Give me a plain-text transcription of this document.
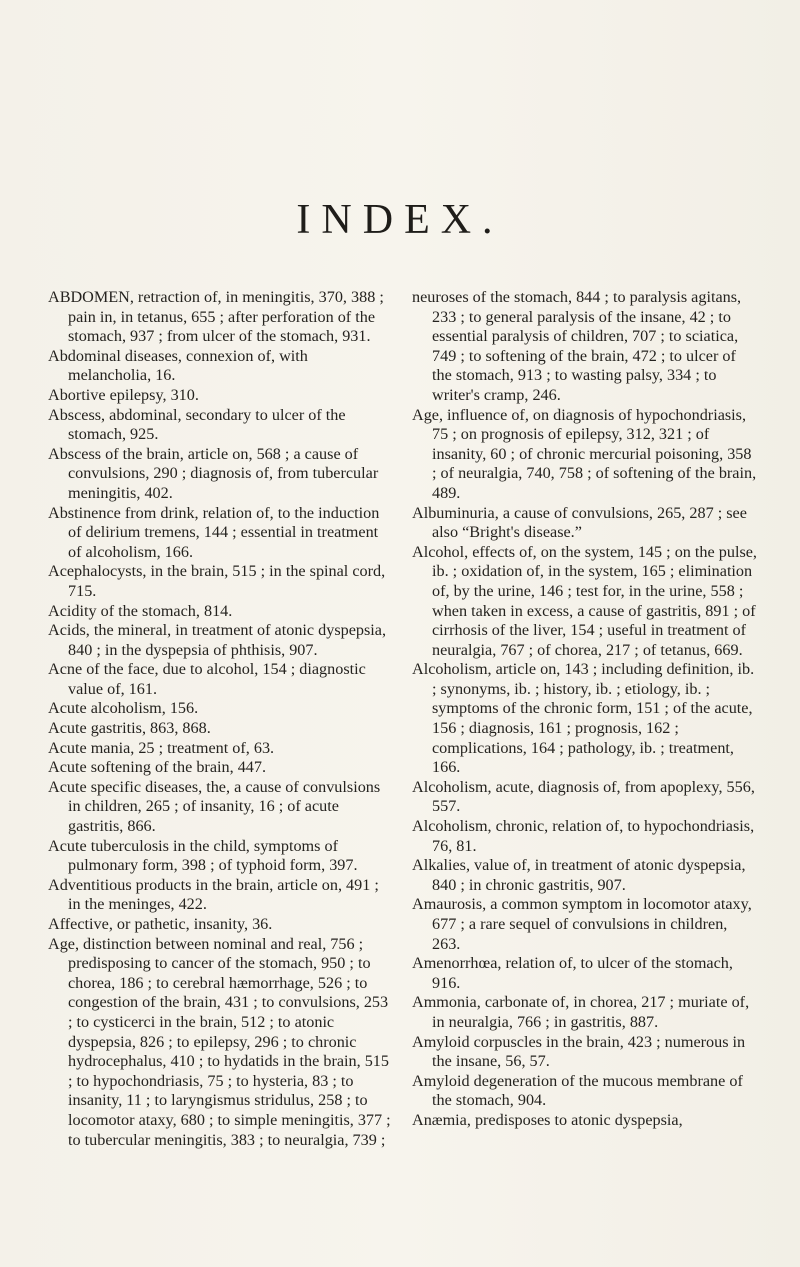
INDEX.

ABDOMEN, retraction of, in meningitis, 370, 388 ; pain in, in tetanus, 655 ; after perforation of the stomach, 937 ; from ulcer of the stomach, 931.

Abdominal diseases, connexion of, with melancholia, 16.

Abortive epilepsy, 310.

Abscess, abdominal, secondary to ulcer of the stomach, 925.

Abscess of the brain, article on, 568 ; a cause of convulsions, 290 ; diagnosis of, from tubercular meningitis, 402.

Abstinence from drink, relation of, to the induction of delirium tremens, 144 ; essential in treatment of alcoholism, 166.

Acephalocysts, in the brain, 515 ; in the spinal cord, 715.

Acidity of the stomach, 814.

Acids, the mineral, in treatment of atonic dyspepsia, 840 ; in the dyspepsia of phthisis, 907.

Acne of the face, due to alcohol, 154 ; diagnostic value of, 161.

Acute alcoholism, 156.

Acute gastritis, 863, 868.

Acute mania, 25 ; treatment of, 63.

Acute softening of the brain, 447.

Acute specific diseases, the, a cause of convulsions in children, 265 ; of insanity, 16 ; of acute gastritis, 866.

Acute tuberculosis in the child, symptoms of pulmonary form, 398 ; of typhoid form, 397.

Adventitious products in the brain, article on, 491 ; in the meninges, 422.

Affective, or pathetic, insanity, 36.

Age, distinction between nominal and real, 756 ; predisposing to cancer of the stomach, 950 ; to chorea, 186 ; to cerebral hæmorrhage, 526 ; to congestion of the brain, 431 ; to convulsions, 253 ; to cysticerci in the brain, 512 ; to atonic dyspepsia, 826 ; to epilepsy, 296 ; to chronic hydrocephalus, 410 ; to hydatids in the brain, 515 ; to hypochondriasis, 75 ; to hysteria, 83 ; to insanity, 11 ; to laryngismus stridulus, 258 ; to locomotor ataxy, 680 ; to simple meningitis, 377 ; to tubercular meningitis, 383 ; to neuralgia, 739 ;

neuroses of the stomach, 844 ; to paralysis agitans, 233 ; to general paralysis of the insane, 42 ; to essential paralysis of children, 707 ; to sciatica, 749 ; to softening of the brain, 472 ; to ulcer of the stomach, 913 ; to wasting palsy, 334 ; to writer's cramp, 246.

Age, influence of, on diagnosis of hypochondriasis, 75 ; on prognosis of epilepsy, 312, 321 ; of insanity, 60 ; of chronic mercurial poisoning, 358 ; of neuralgia, 740, 758 ; of softening of the brain, 489.

Albuminuria, a cause of convulsions, 265, 287 ; see also “Bright's disease.”

Alcohol, effects of, on the system, 145 ; on the pulse, ib. ; oxidation of, in the system, 165 ; elimination of, by the urine, 146 ; test for, in the urine, 558 ; when taken in excess, a cause of gastritis, 891 ; of cirrhosis of the liver, 154 ; useful in treatment of neuralgia, 767 ; of chorea, 217 ; of tetanus, 669.

Alcoholism, article on, 143 ; including definition, ib. ; synonyms, ib. ; history, ib. ; etiology, ib. ; symptoms of the chronic form, 151 ; of the acute, 156 ; diagnosis, 161 ; prognosis, 162 ; complications, 164 ; pathology, ib. ; treatment, 166.

Alcoholism, acute, diagnosis of, from apoplexy, 556, 557.

Alcoholism, chronic, relation of, to hypochondriasis, 76, 81.

Alkalies, value of, in treatment of atonic dyspepsia, 840 ; in chronic gastritis, 907.

Amaurosis, a common symptom in locomotor ataxy, 677 ; a rare sequel of convulsions in children, 263.

Amenorrhœa, relation of, to ulcer of the stomach, 916.

Ammonia, carbonate of, in chorea, 217 ; muriate of, in neuralgia, 766 ; in gastritis, 887.

Amyloid corpuscles in the brain, 423 ; numerous in the insane, 56, 57.

Amyloid degeneration of the mucous membrane of the stomach, 904.

Anæmia, predisposes to atonic dyspepsia,
